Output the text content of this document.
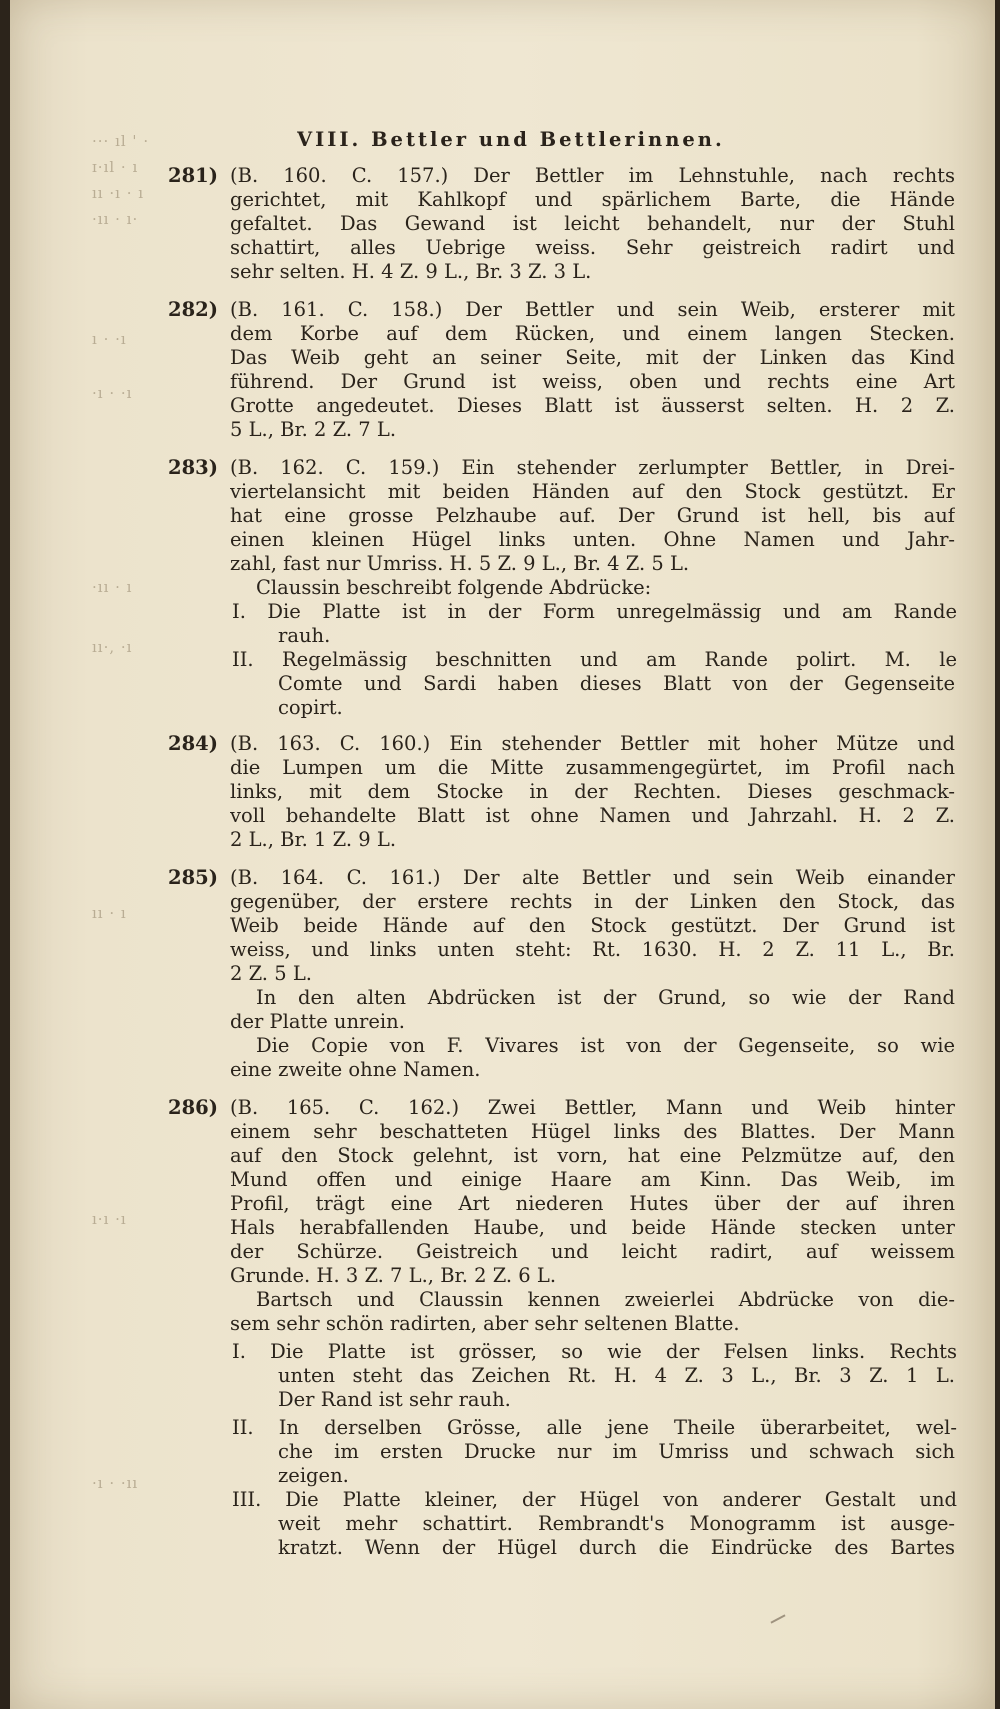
··· ıl ' ·
ɪ·ıl · ı
ıı ·ı · ı
·ıı · ı·
ı · ·ı
·ı · ·ı
·ıı · ı
ıı·, ·ı
ıı · ı
ı·ı ·ı
·ı · ·ıı
VIII. Bettler und Bettlerinnen.
281) (B. 160. C. 157.) Der Bettler im Lehnstuhle, nach rechts
gerichtet, mit Kahlkopf und spärlichem Barte, die Hände
gefaltet. Das Gewand ist leicht behandelt, nur der Stuhl
schattirt, alles Uebrige weiss. Sehr geistreich radirt und
sehr selten. H. 4 Z. 9 L., Br. 3 Z. 3 L.
282) (B. 161. C. 158.) Der Bettler und sein Weib, ersterer mit
dem Korbe auf dem Rücken, und einem langen Stecken.
Das Weib geht an seiner Seite, mit der Linken das Kind
führend. Der Grund ist weiss, oben und rechts eine Art
Grotte angedeutet. Dieses Blatt ist äusserst selten. H. 2 Z.
5 L., Br. 2 Z. 7 L.
283) (B. 162. C. 159.) Ein stehender zerlumpter Bettler, in Drei-
viertelansicht mit beiden Händen auf den Stock gestützt. Er
hat eine grosse Pelzhaube auf. Der Grund ist hell, bis auf
einen kleinen Hügel links unten. Ohne Namen und Jahr-
zahl, fast nur Umriss. H. 5 Z. 9 L., Br. 4 Z. 5 L.
Claussin beschreibt folgende Abdrücke:
I. Die Platte ist in der Form unregelmässig und am Rande
rauh.
II. Regelmässig beschnitten und am Rande polirt. M. le
Comte und Sardi haben dieses Blatt von der Gegenseite
copirt.
284) (B. 163. C. 160.) Ein stehender Bettler mit hoher Mütze und
die Lumpen um die Mitte zusammengegürtet, im Profil nach
links, mit dem Stocke in der Rechten. Dieses geschmack-
voll behandelte Blatt ist ohne Namen und Jahrzahl. H. 2 Z.
2 L., Br. 1 Z. 9 L.
285) (B. 164. C. 161.) Der alte Bettler und sein Weib einander
gegenüber, der erstere rechts in der Linken den Stock, das
Weib beide Hände auf den Stock gestützt. Der Grund ist
weiss, und links unten steht: Rt. 1630. H. 2 Z. 11 L., Br.
2 Z. 5 L.
In den alten Abdrücken ist der Grund, so wie der Rand
der Platte unrein.
Die Copie von F. Vivares ist von der Gegenseite, so wie
eine zweite ohne Namen.
286) (B. 165. C. 162.) Zwei Bettler, Mann und Weib hinter
einem sehr beschatteten Hügel links des Blattes. Der Mann
auf den Stock gelehnt, ist vorn, hat eine Pelzmütze auf, den
Mund offen und einige Haare am Kinn. Das Weib, im
Profil, trägt eine Art niederen Hutes über der auf ihren
Hals herabfallenden Haube, und beide Hände stecken unter
der Schürze. Geistreich und leicht radirt, auf weissem
Grunde. H. 3 Z. 7 L., Br. 2 Z. 6 L.
Bartsch und Claussin kennen zweierlei Abdrücke von die-
sem sehr schön radirten, aber sehr seltenen Blatte.
I. Die Platte ist grösser, so wie der Felsen links. Rechts
unten steht das Zeichen Rt. H. 4 Z. 3 L., Br. 3 Z. 1 L.
Der Rand ist sehr rauh.
II. In derselben Grösse, alle jene Theile überarbeitet, wel-
che im ersten Drucke nur im Umriss und schwach sich
zeigen.
III. Die Platte kleiner, der Hügel von anderer Gestalt und
weit mehr schattirt. Rembrandt's Monogramm ist ausge-
kratzt. Wenn der Hügel durch die Eindrücke des Bartes
